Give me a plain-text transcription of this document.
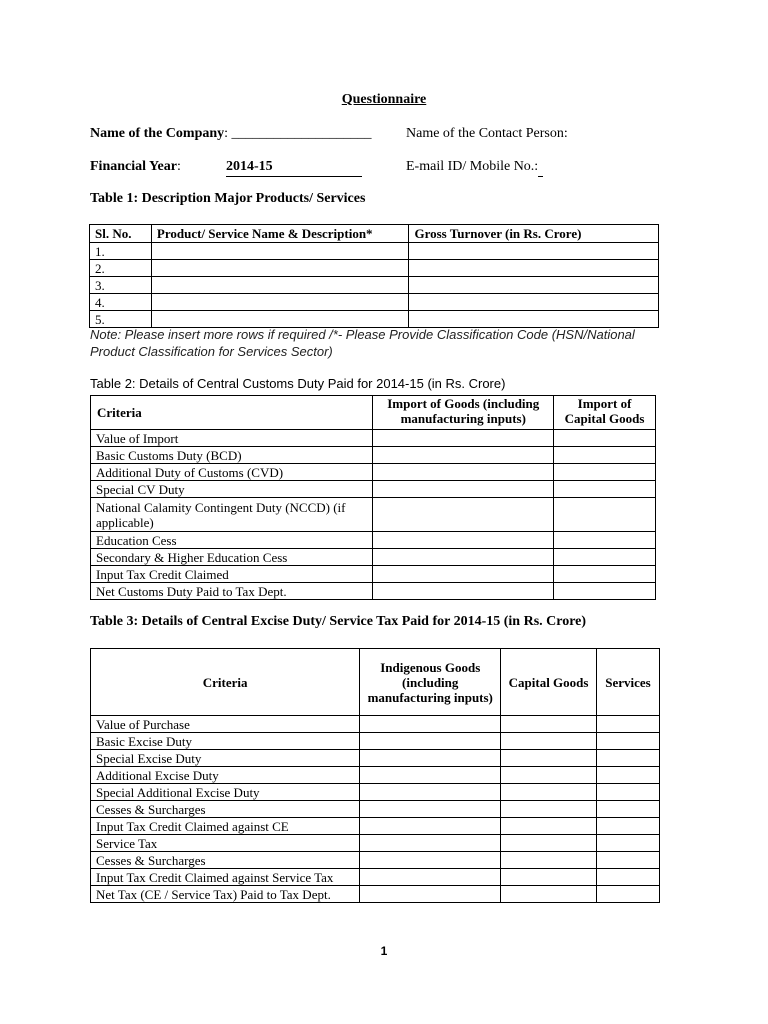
Questionnaire
Name of the Company: ____________________ Name of the Contact Person:
Financial Year:	2014-15	E-mail ID/ Mobile No.:
Table 1: Description Major Products/ Services
Sl. No.	Product/ Service Name & Description*	Gross Turnover (in Rs. Crore)
1.		
2.		
3.		
4.		
5.		
Note: Please insert more rows if required /*- Please Provide Classification Code (HSN/National Product Classification for Services Sector)
Table 2: Details of Central Customs Duty Paid for 2014-15 (in Rs. Crore)
Criteria	Import of Goods (including manufacturing inputs)	Import of Capital Goods
Value of Import		
Basic Customs Duty (BCD)		
Additional Duty of Customs (CVD)		
Special CV Duty		
National Calamity Contingent Duty (NCCD) (if applicable)		
Education Cess		
Secondary & Higher Education Cess		
Input Tax Credit Claimed		
Net Customs Duty Paid to Tax Dept.		
Table 3: Details of Central Excise Duty/ Service Tax Paid for 2014-15 (in Rs. Crore)
Criteria	Indigenous Goods (including manufacturing inputs)	Capital Goods	Services
Value of Purchase			
Basic Excise Duty			
Special Excise Duty			
Additional Excise Duty			
Special Additional Excise Duty			
Cesses & Surcharges			
Input Tax Credit Claimed against CE			
Service Tax			
Cesses & Surcharges			
Input Tax Credit Claimed against Service Tax			
Net Tax (CE / Service Tax) Paid to Tax Dept.			
1
